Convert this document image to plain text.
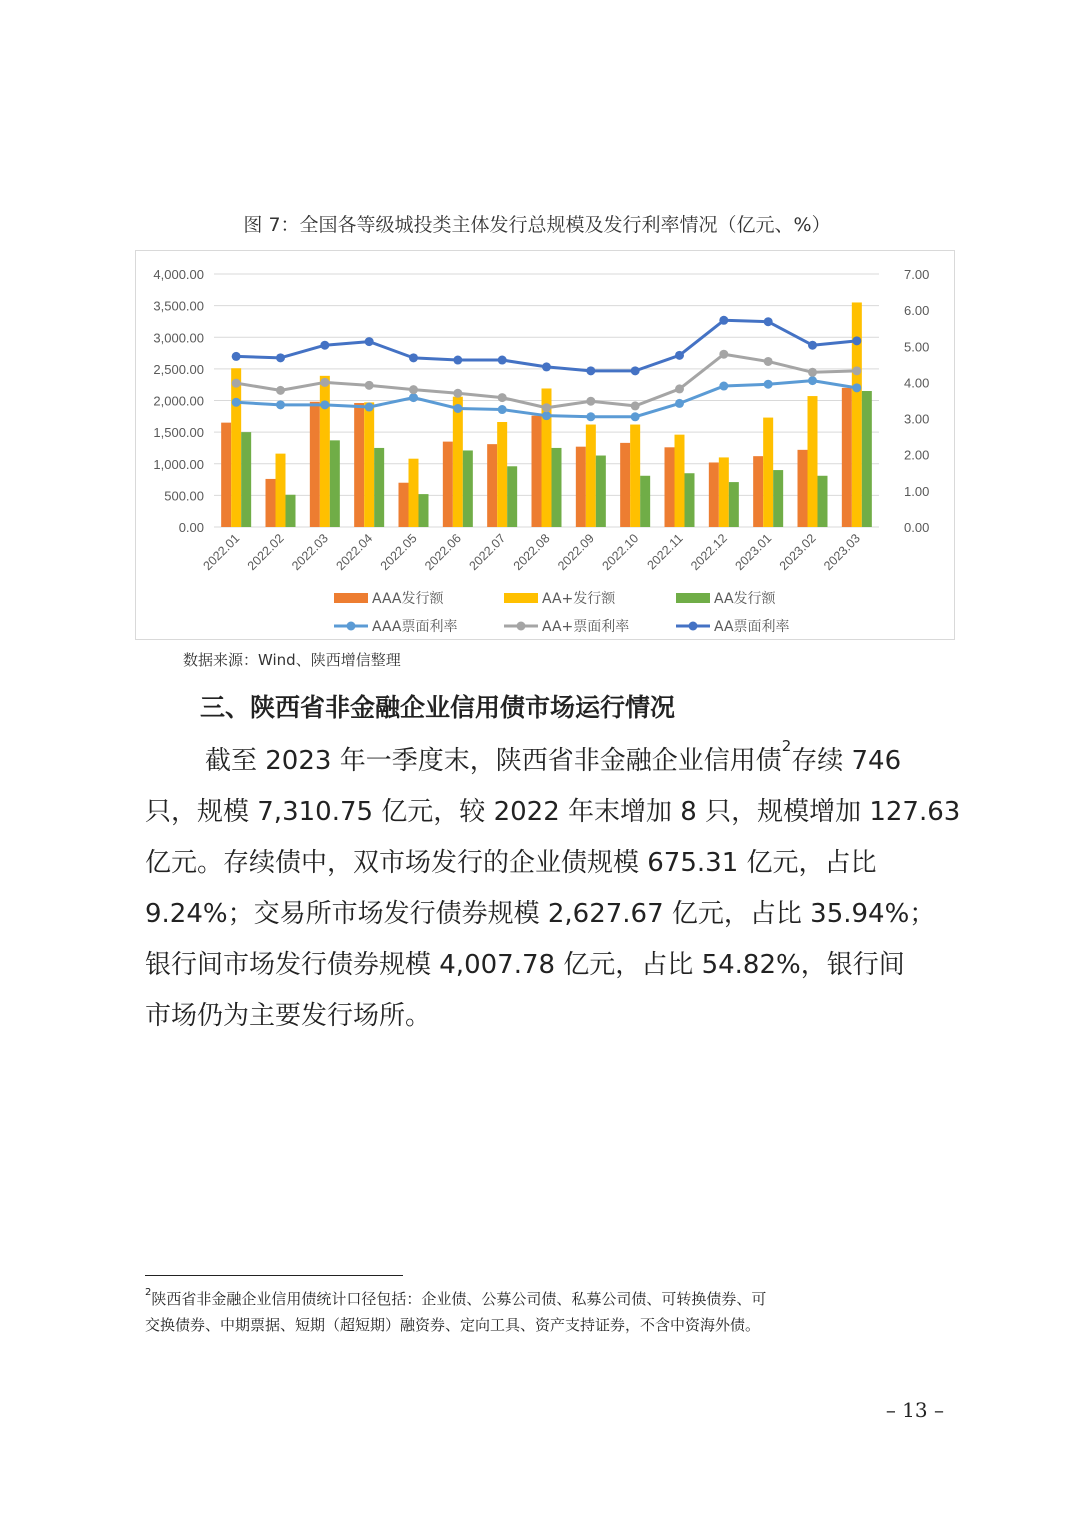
图 7：全国各等级城投类主体发行总规模及发行利率情况（亿元、%）
0.00
500.00
1,000.00
1,500.00
2,000.00
2,500.00
3,000.00
3,500.00
4,000.00
0.00
1.00
2.00
3.00
4.00
5.00
6.00
7.00
2022.01 2022.02 2022.03 2022.04 2022.05 2022.06 2022.07 2022.08 2022.09 2022.10 2022.11 2022.12 2023.01 2023.02 2023.03
AAA发行额	AA+发行额	AA发行额
AAA票面利率	AA+票面利率	AA票面利率
数据来源：Wind、陕西增信整理
三、陕西省非金融企业信用债市场运行情况
截至 2023 年一季度末，陕西省非金融企业信用债$^2$存续 746
只，规模 7,310.75 亿元，较 2022 年末增加 8 只，规模增加 127.63
亿元。存续债中，双市场发行的企业债规模 675.31 亿元，占比
9.24%；交易所市场发行债券规模 2,627.67 亿元，占比 35.94%；
银行间市场发行债券规模 4,007.78 亿元，占比 54.82%，银行间
市场仍为主要发行场所。
$^2$陕西省非金融企业信用债统计口径包括：企业债、公募公司债、私募公司债、可转换债券、可
交换债券、中期票据、短期（超短期）融资券、定向工具、资产支持证券，不含中资海外债。
– 13 –
